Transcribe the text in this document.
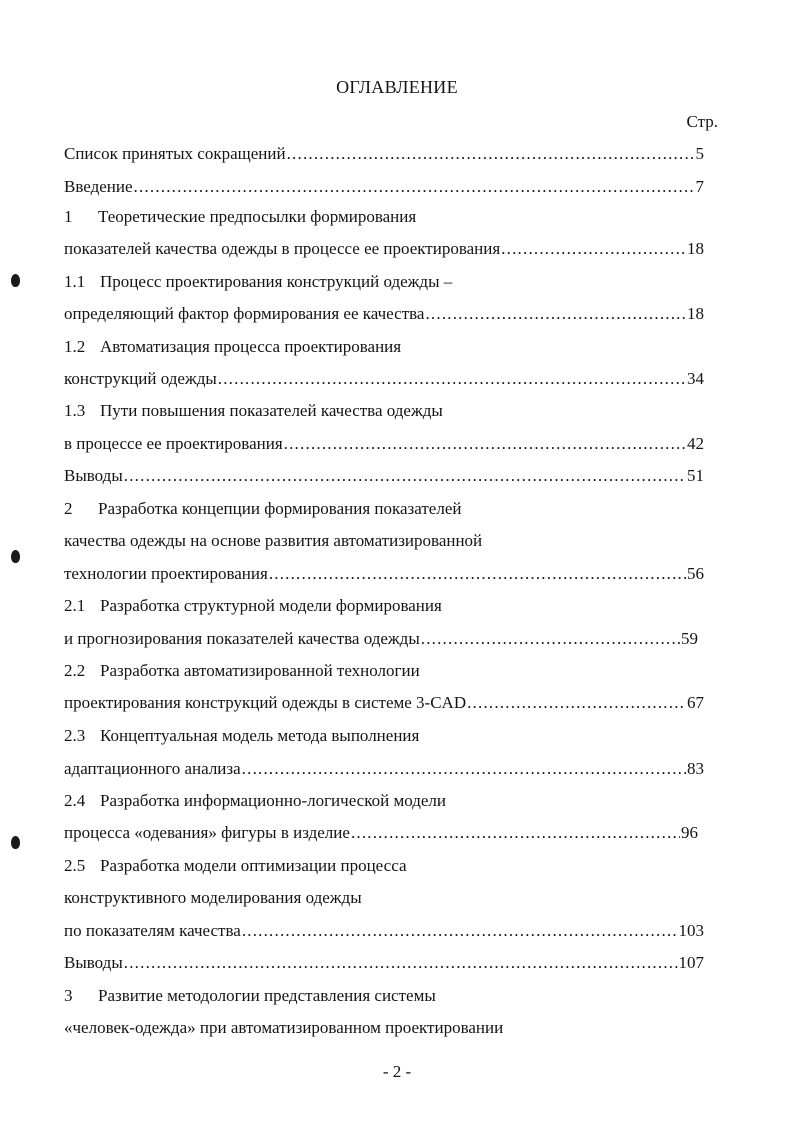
ОГЛАВЛЕНИЕ
Стр.
Список принятых сокращений .....	5
Введение .....	7
1 Теоретические предпосылки формирования
показателей качества одежды в процессе ее проектирования .....	18
1.1 Процесс проектирования конструкций одежды –
определяющий фактор формирования ее качества .....	18
1.2 Автоматизация процесса проектирования
конструкций одежды .....	34
1.3 Пути повышения показателей качества одежды
в процессе ее проектирования .....	42
Выводы .....	51
2 Разработка концепции формирования показателей
качества одежды на основе развития автоматизированной
технологии проектирования .....	56
2.1 Разработка структурной модели формирования
и прогнозирования показателей качества одежды .....	59
2.2 Разработка автоматизированной технологии
проектирования конструкций одежды в системе 3-CAD .....	67
2.3 Концептуальная модель метода выполнения
адаптационного анализа .....	83
2.4 Разработка информационно-логической модели
процесса «одевания» фигуры в изделие .....	96
2.5 Разработка модели оптимизации процесса
конструктивного моделирования одежды
по показателям качества .....	103
Выводы .....	107
3 Развитие методологии представления системы
«человек-одежда» при автоматизированном проектировании
- 2 -
